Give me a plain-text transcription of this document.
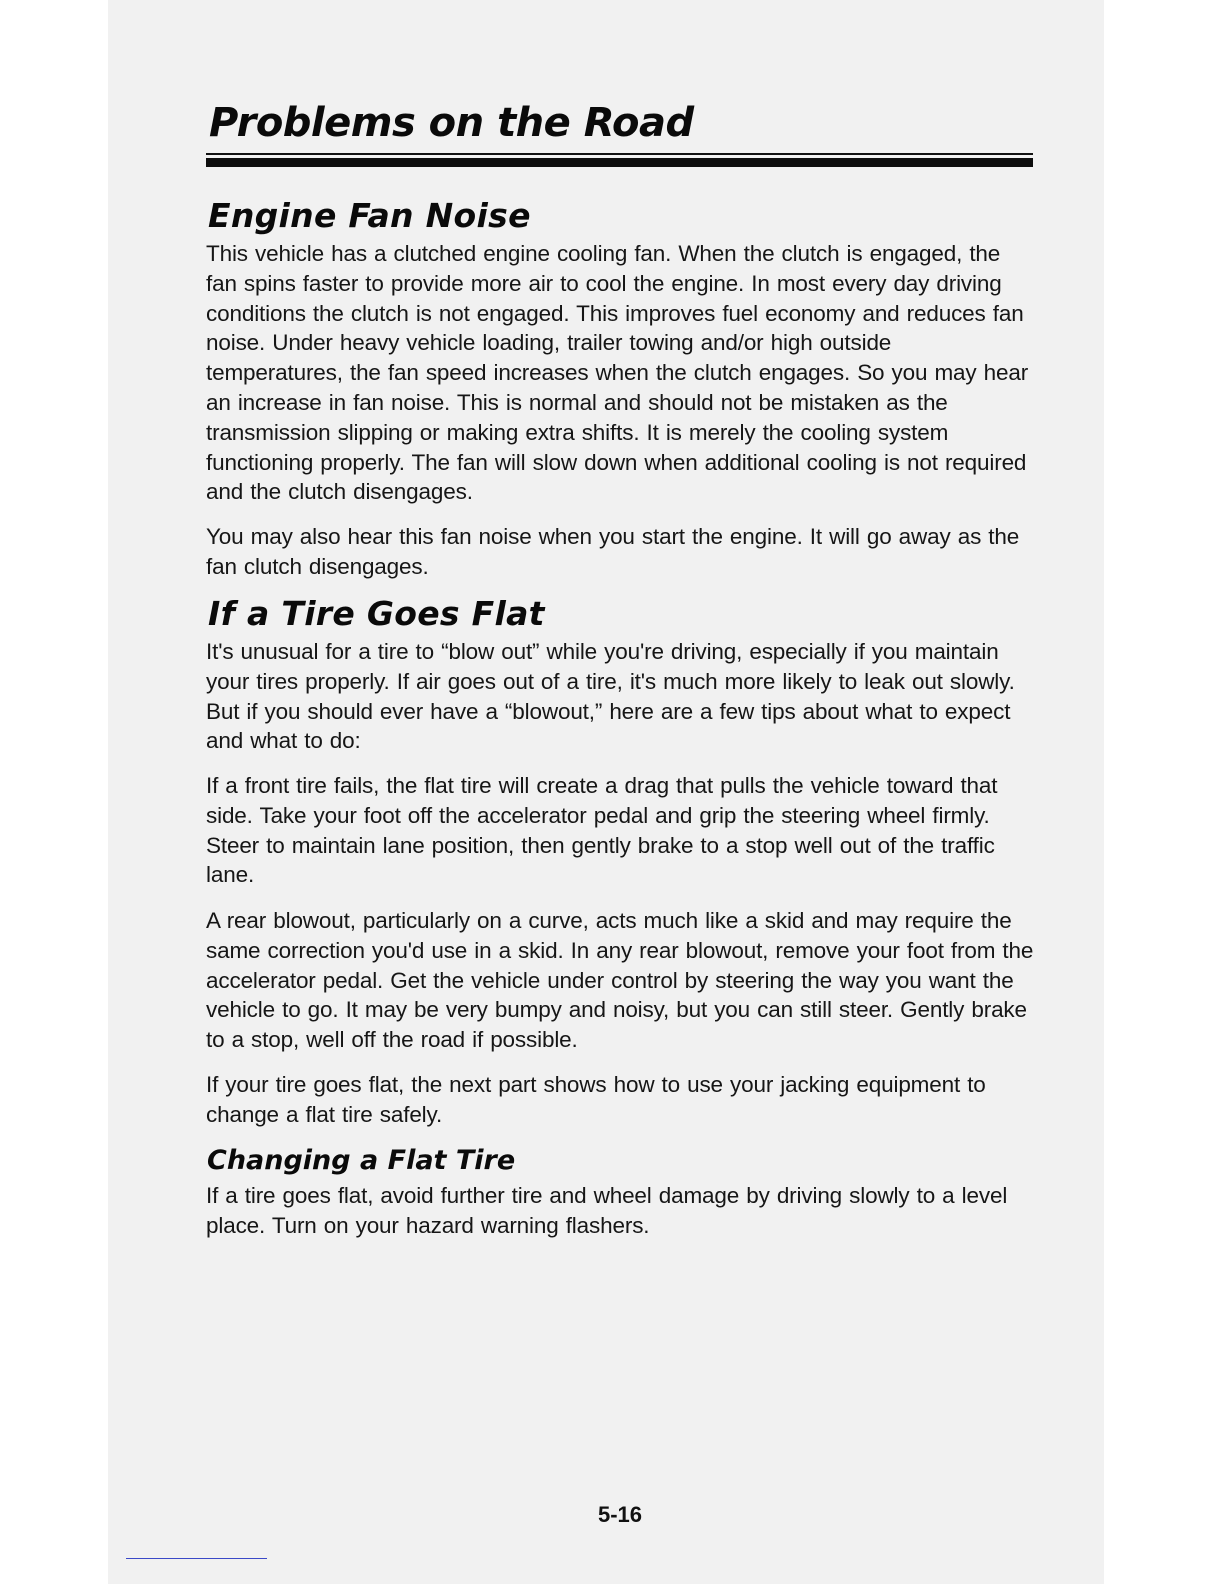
Problems on the Road
Engine Fan Noise

This vehicle has a clutched engine cooling fan. When the clutch is engaged, the fan spins faster to provide more air to cool the engine. In most every day driving conditions the clutch is not engaged. This improves fuel economy and reduces fan noise. Under heavy vehicle loading, trailer towing and/or high outside temperatures, the fan speed increases when the clutch engages. So you may hear an increase in fan noise. This is normal and should not be mistaken as the transmission slipping or making extra shifts. It is merely the cooling system functioning properly. The fan will slow down when additional cooling is not required and the clutch disengages.

You may also hear this fan noise when you start the engine. It will go away as the fan clutch disengages.

If a Tire Goes Flat

It's unusual for a tire to “blow out” while you're driving, especially if you maintain your tires properly. If air goes out of a tire, it's much more likely to leak out slowly. But if you should ever have a “blowout,” here are a few tips about what to expect and what to do:

If a front tire fails, the flat tire will create a drag that pulls the vehicle toward that side. Take your foot off the accelerator pedal and grip the steering wheel firmly. Steer to maintain lane position, then gently brake to a stop well out of the traffic lane.

A rear blowout, particularly on a curve, acts much like a skid and may require the same correction you'd use in a skid. In any rear blowout, remove your foot from the accelerator pedal. Get the vehicle under control by steering the way you want the vehicle to go. It may be very bumpy and noisy, but you can still steer. Gently brake to a stop, well off the road if possible.

If your tire goes flat, the next part shows how to use your jacking equipment to change a flat tire safely.

Changing a Flat Tire

If a tire goes flat, avoid further tire and wheel damage by driving slowly to a level place. Turn on your hazard warning flashers.

5-16
